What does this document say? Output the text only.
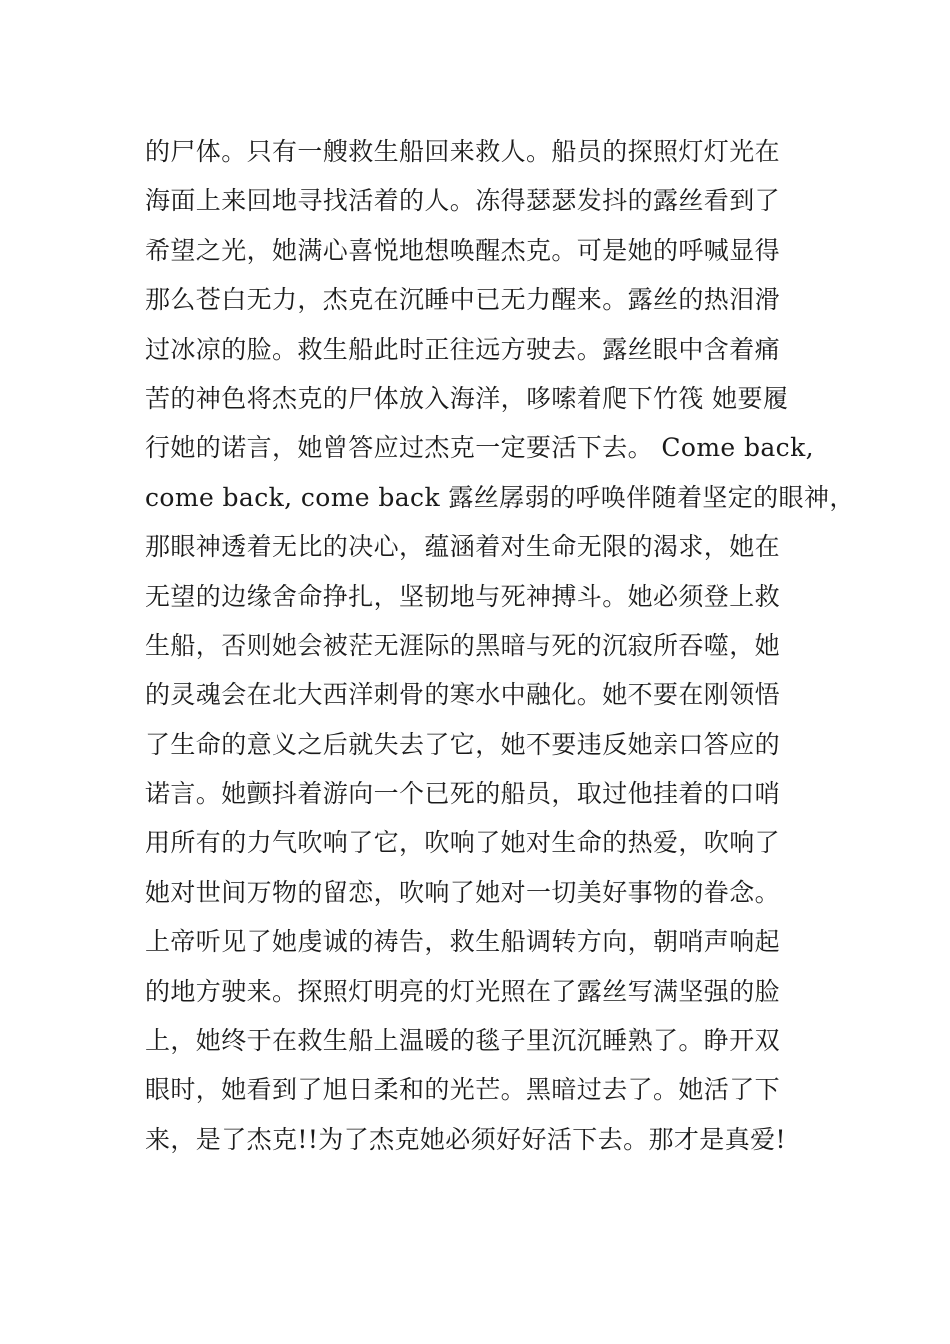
的尸体。只有一艘救生船回来救人。船员的探照灯灯光在
海面上来回地寻找活着的人。冻得瑟瑟发抖的露丝看到了
希望之光，她满心喜悦地想唤醒杰克。可是她的呼喊显得
那么苍白无力，杰克在沉睡中已无力醒来。露丝的热泪滑
过冰凉的脸。救生船此时正往远方驶去。露丝眼中含着痛
苦的神色将杰克的尸体放入海洋，哆嗦着爬下竹筏 她要履
行她的诺言，她曾答应过杰克一定要活下去。 Come back,
come back, come back 露丝孱弱的呼唤伴随着坚定的眼神，
那眼神透着无比的决心，蕴涵着对生命无限的渴求，她在
无望的边缘舍命挣扎，坚韧地与死神搏斗。她必须登上救
生船，否则她会被茫无涯际的黑暗与死的沉寂所吞噬，她
的灵魂会在北大西洋刺骨的寒水中融化。她不要在刚领悟
了生命的意义之后就失去了它，她不要违反她亲口答应的
诺言。她颤抖着游向一个已死的船员，取过他挂着的口哨
用所有的力气吹响了它，吹响了她对生命的热爱，吹响了
她对世间万物的留恋，吹响了她对一切美好事物的眷念。
上帝听见了她虔诚的祷告，救生船调转方向，朝哨声响起
的地方驶来。探照灯明亮的灯光照在了露丝写满坚强的脸
上，她终于在救生船上温暖的毯子里沉沉睡熟了。睁开双
眼时，她看到了旭日柔和的光芒。黑暗过去了。她活了下
来，是了杰克!!为了杰克她必须好好活下去。那才是真爱!
